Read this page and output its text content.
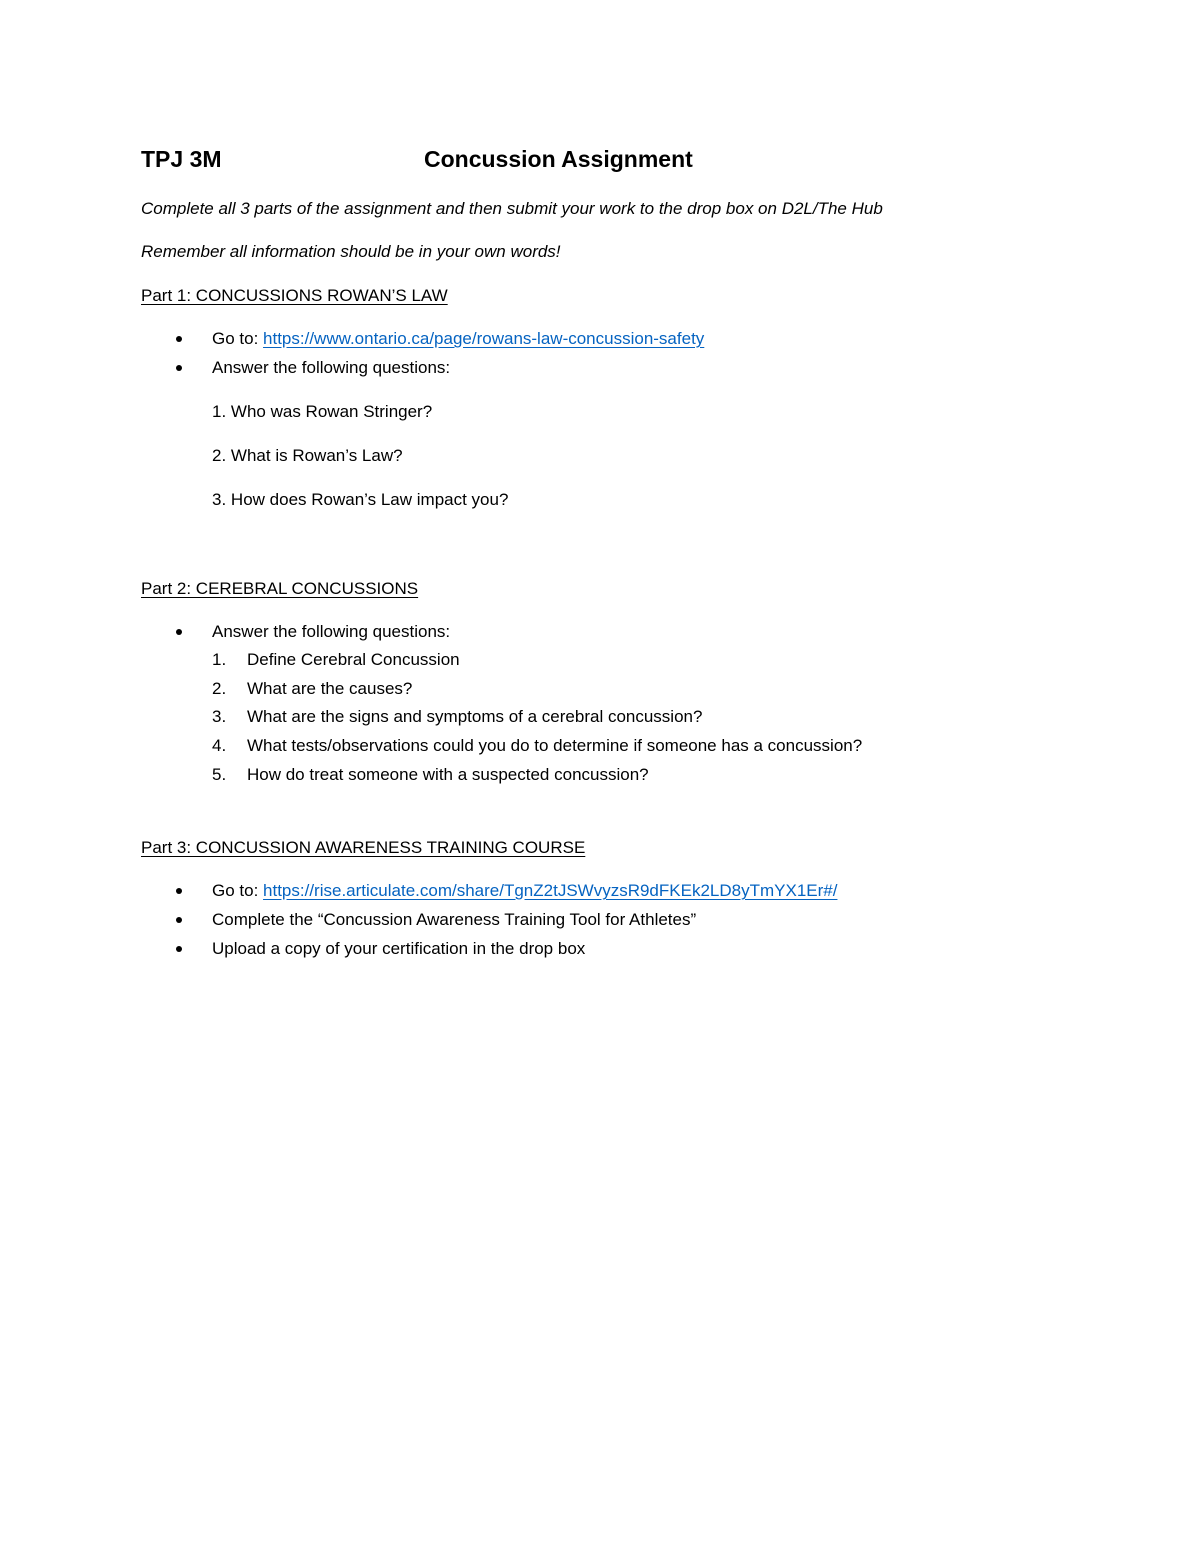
TPJ 3M	Concussion Assignment
Complete all 3 parts of the assignment and then submit your work to the drop box on D2L/The Hub
Remember all information should be in your own words!
Part 1: CONCUSSIONS ROWAN’S LAW
Go to: https://www.ontario.ca/page/rowans-law-concussion-safety
Answer the following questions:
1. Who was Rowan Stringer?
2. What is Rowan’s Law?
3. How does Rowan’s Law impact you?
Part 2: CEREBRAL CONCUSSIONS
Answer the following questions:
1. Define Cerebral Concussion
2. What are the causes?
3. What are the signs and symptoms of a cerebral concussion?
4. What tests/observations could you do to determine if someone has a concussion?
5. How do treat someone with a suspected concussion?
Part 3: CONCUSSION AWARENESS TRAINING COURSE
Go to: https://rise.articulate.com/share/TgnZ2tJSWvyzsR9dFKEk2LD8yTmYX1Er#/
Complete the “Concussion Awareness Training Tool for Athletes”
Upload a copy of your certification in the drop box
